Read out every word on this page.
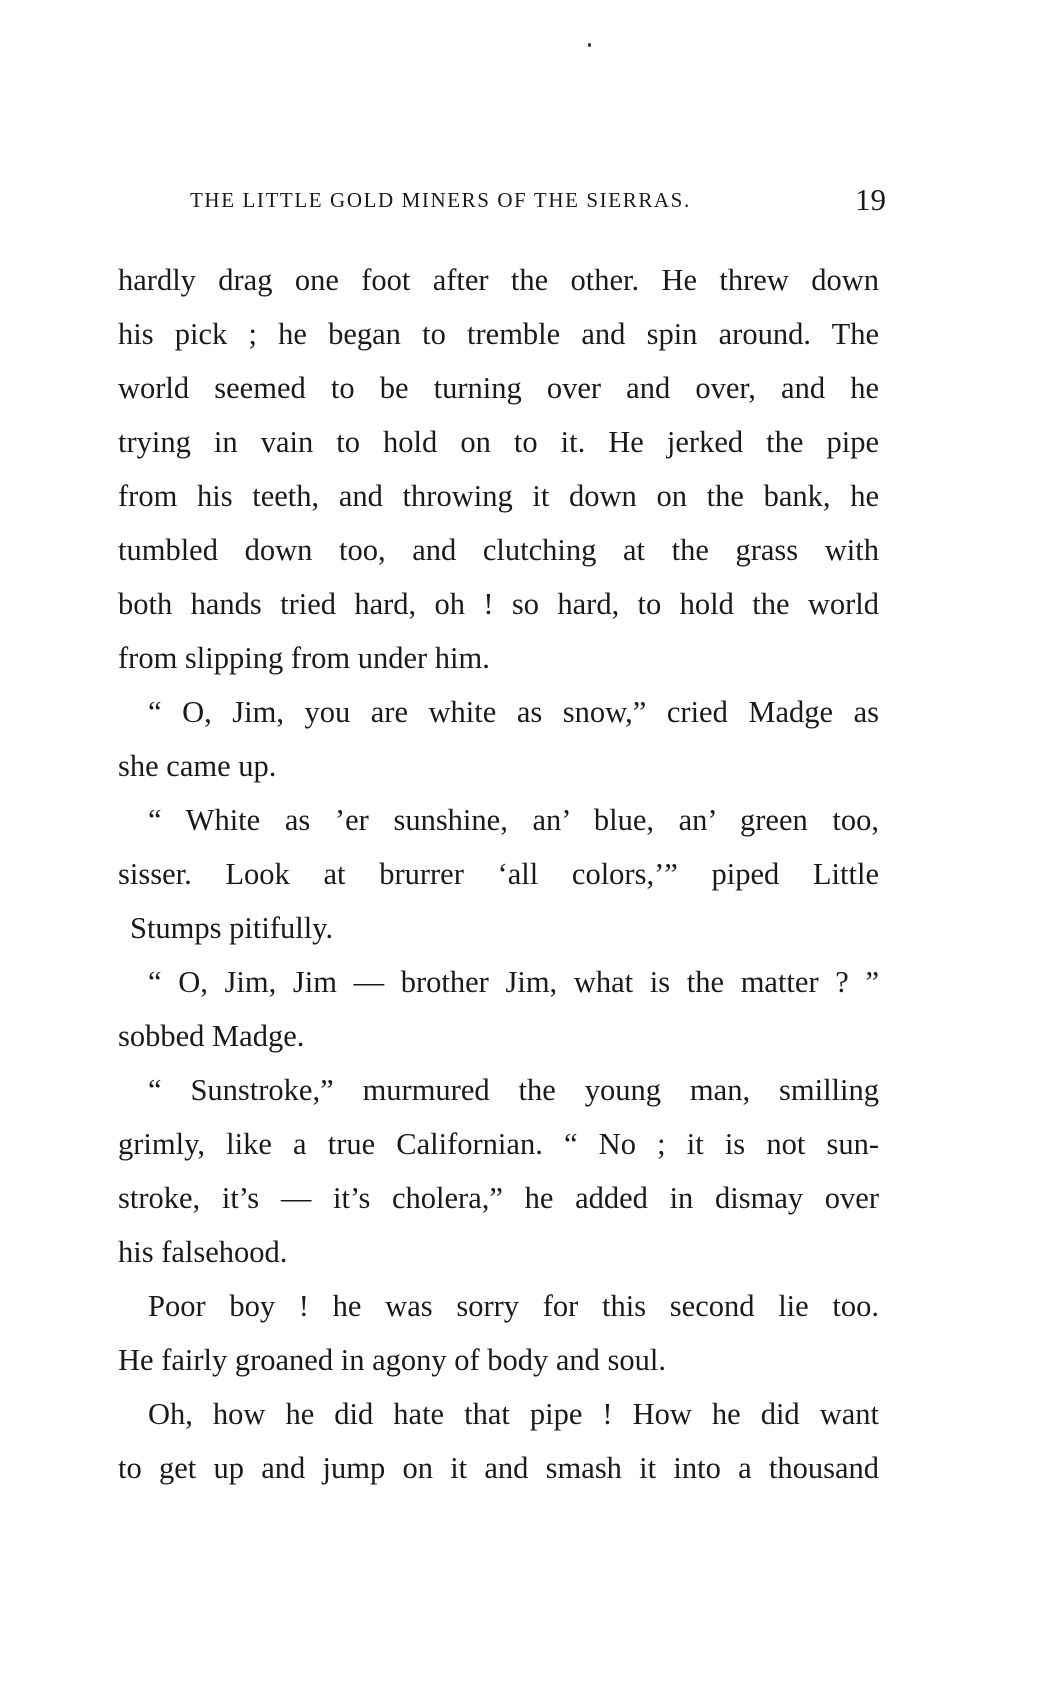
THE LITTLE GOLD MINERS OF THE SIERRAS.	19
hardly drag one foot after the other. He threw down
his pick ; he began to tremble and spin around. The
world seemed to be turning over and over, and he
trying in vain to hold on to it. He jerked the pipe
from his teeth, and throwing it down on the bank, he
tumbled down too, and clutching at the grass with
both hands tried hard, oh ! so hard, to hold the world
from slipping from under him.
“ O, Jim, you are white as snow,” cried Madge as
she came up.
“ White as ’er sunshine, an’ blue, an’ green too,
sisser. Look at brurrer ‘all colors,’” piped Little
Stumps pitifully.
“ O, Jim, Jim — brother Jim, what is the matter ? ”
sobbed Madge.
“ Sunstroke,” murmured the young man, smilling
grimly, like a true Californian. “ No ; it is not sun-
stroke, it’s — it’s cholera,” he added in dismay over
his falsehood.
Poor boy ! he was sorry for this second lie too.
He fairly groaned in agony of body and soul.
Oh, how he did hate that pipe ! How he did want
to get up and jump on it and smash it into a thousand
